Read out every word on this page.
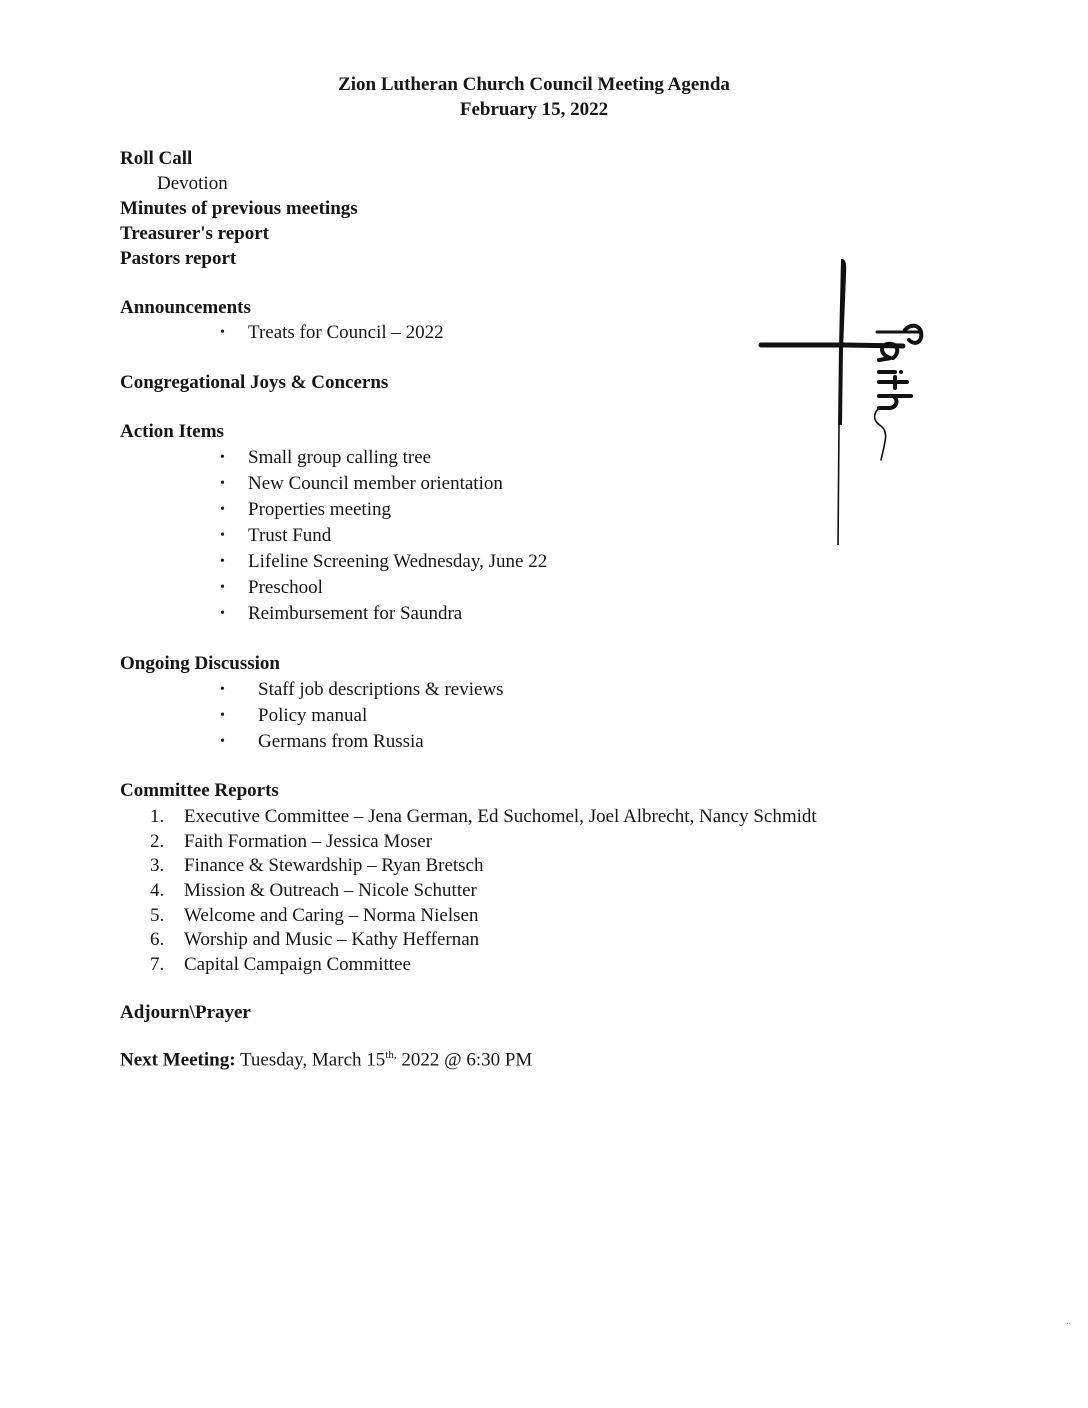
Zion Lutheran Church Council Meeting Agenda
February 15, 2022
Roll Call
Devotion
Minutes of previous meetings
Treasurer's report
Pastors report
Announcements
• Treats for Council – 2022
Congregational Joys & Concerns
Action Items
• Small group calling tree
• New Council member orientation
• Properties meeting
• Trust Fund
• Lifeline Screening Wednesday, June 22
• Preschool
• Reimbursement for Saundra
Ongoing Discussion
• Staff job descriptions & reviews
• Policy manual
• Germans from Russia
Committee Reports
1. Executive Committee – Jena German, Ed Suchomel, Joel Albrecht, Nancy Schmidt
2. Faith Formation – Jessica Moser
3. Finance & Stewardship – Ryan Bretsch
4. Mission & Outreach – Nicole Schutter
5. Welcome and Caring – Norma Nielsen
6. Worship and Music – Kathy Heffernan
7. Capital Campaign Committee
Adjourn\Prayer
Next Meeting: Tuesday, March $15^{th,}$ 2022 @ 6:30 PM
..
